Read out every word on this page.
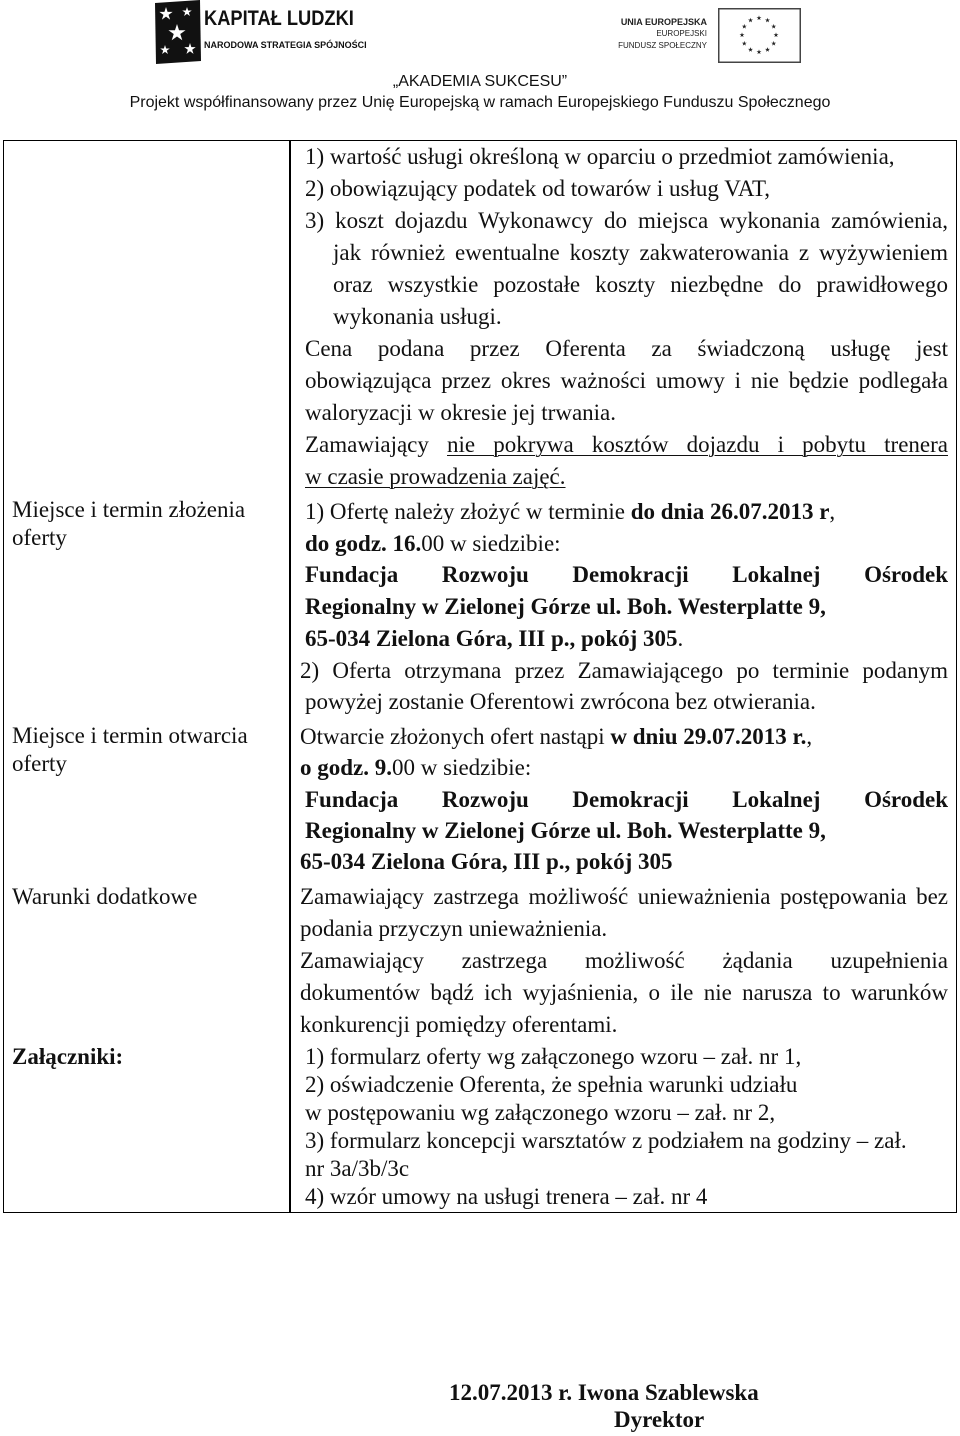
KAPITAŁ LUDZKI
NARODOWA STRATEGIA SPÓJNOŚCI
UNIA EUROPEJSKA
EUROPEJSKI
FUNDUSZ SPOŁECZNY
„AKADEMIA SUKCESU”
Projekt współfinansowany przez Unię Europejską w ramach Europejskiego Funduszu Społecznego
1) wartość usługi określoną w oparciu o przedmiot zamówienia,
2) obowiązujący podatek od towarów i usług VAT,
3) koszt dojazdu Wykonawcy do miejsca wykonania zamówienia,
jak również ewentualne koszty zakwaterowania z wyżywieniem
oraz wszystkie pozostałe koszty niezbędne do prawidłowego
wykonania usługi.
Cena podana przez Oferenta za świadczoną usługę jest
obowiązująca przez okres ważności umowy i nie będzie podlegała
waloryzacji w okresie jej trwania.
Zamawiający nie pokrywa kosztów dojazdu i pobytu trenera
w czasie prowadzenia zajęć.
Miejsce i termin złożenia oferty
1) Ofertę należy złożyć w terminie do dnia 26.07.2013 r,
do godz. 16.00 w siedzibie:
Fundacja Rozwoju Demokracji Lokalnej Ośrodek
Regionalny w Zielonej Górze ul. Boh. Westerplatte 9,
65-034 Zielona Góra, III p., pokój 305.
2) Oferta otrzymana przez Zamawiającego po terminie podanym
powyżej zostanie Oferentowi zwrócona bez otwierania.
Miejsce i termin otwarcia oferty
Otwarcie złożonych ofert nastąpi w dniu 29.07.2013 r.,
o godz. 9.00 w siedzibie:
Fundacja Rozwoju Demokracji Lokalnej Ośrodek
Regionalny w Zielonej Górze ul. Boh. Westerplatte 9,
65-034 Zielona Góra, III p., pokój 305
Warunki dodatkowe	Zamawiający zastrzega możliwość unieważnienia postępowania bez
podania przyczyn unieważnienia.
Zamawiający zastrzega możliwość żądania uzupełnienia
dokumentów bądź ich wyjaśnienia, o ile nie narusza to warunków
konkurencji pomiędzy oferentami.
Załączniki:	1) formularz oferty wg załączonego wzoru – zał. nr 1,
2) oświadczenie Oferenta, że spełnia warunki udziału
w postępowaniu wg załączonego wzoru – zał. nr 2,
3) formularz koncepcji warsztatów z podziałem na godziny – zał.
nr 3a/3b/3c
4) wzór umowy na usługi trenera – zał. nr 4
12.07.2013 r. Iwona Szablewska
Dyrektor
